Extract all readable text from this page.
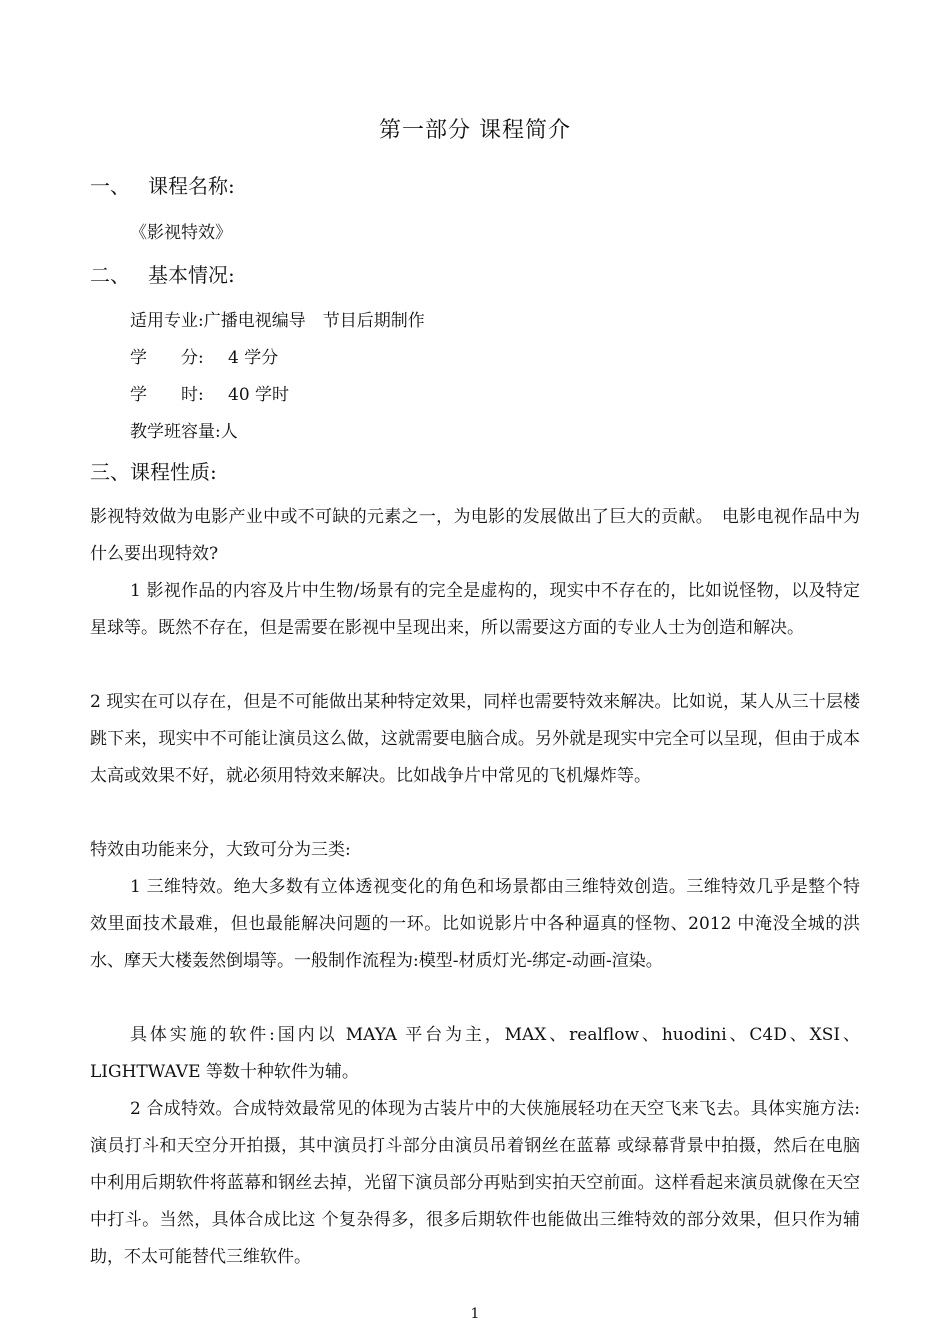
第一部分 课程简介
一、 课程名称:
《影视特效》
二、 基本情况:
适用专业:广播电视编导　节目后期制作
学　　分: 4 学分
学　　时: 40 学时
教学班容量:人
三、课程性质:
影视特效做为电影产业中或不可缺的元素之一，为电影的发展做出了巨大的贡献。　电影电视作品中为什么要出现特效?
1 影视作品的内容及片中生物/场景有的完全是虚构的，现实中不存在的，比如说怪物，以及特定星球等。既然不存在，但是需要在影视中呈现出来，所以需要这方面的专业人士为创造和解决。
2 现实在可以存在，但是不可能做出某种特定效果，同样也需要特效来解决。比如说，某人从三十层楼跳下来，现实中不可能让演员这么做，这就需要电脑合成。另外就是现实中完全可以呈现，但由于成本太高或效果不好，就必须用特效来解决。比如战争片中常见的飞机爆炸等。
特效由功能来分，大致可分为三类:
1 三维特效。绝大多数有立体透视变化的角色和场景都由三维特效创造。三维特效几乎是整个特效里面技术最难，但也最能解决问题的一环。比如说影片中各种逼真的怪物、2012 中淹没全城的洪水、摩天大楼轰然倒塌等。一般制作流程为:模型-材质灯光-绑定-动画-渲染。
具体实施的软件:国内以 MAYA 平台为主，MAX、realflow、huodini、C4D、XSI、LIGHTWAVE 等数十种软件为辅。
2 合成特效。合成特效最常见的体现为古装片中的大侠施展轻功在天空飞来飞去。具体实施方法:演员打斗和天空分开拍摄，其中演员打斗部分由演员吊着钢丝在蓝幕 或绿幕背景中拍摄，然后在电脑中利用后期软件将蓝幕和钢丝去掉，光留下演员部分再贴到实拍天空前面。这样看起来演员就像在天空中打斗。当然，具体合成比这 个复杂得多，很多后期软件也能做出三维特效的部分效果，但只作为辅助，不太可能替代三维软件。
1
